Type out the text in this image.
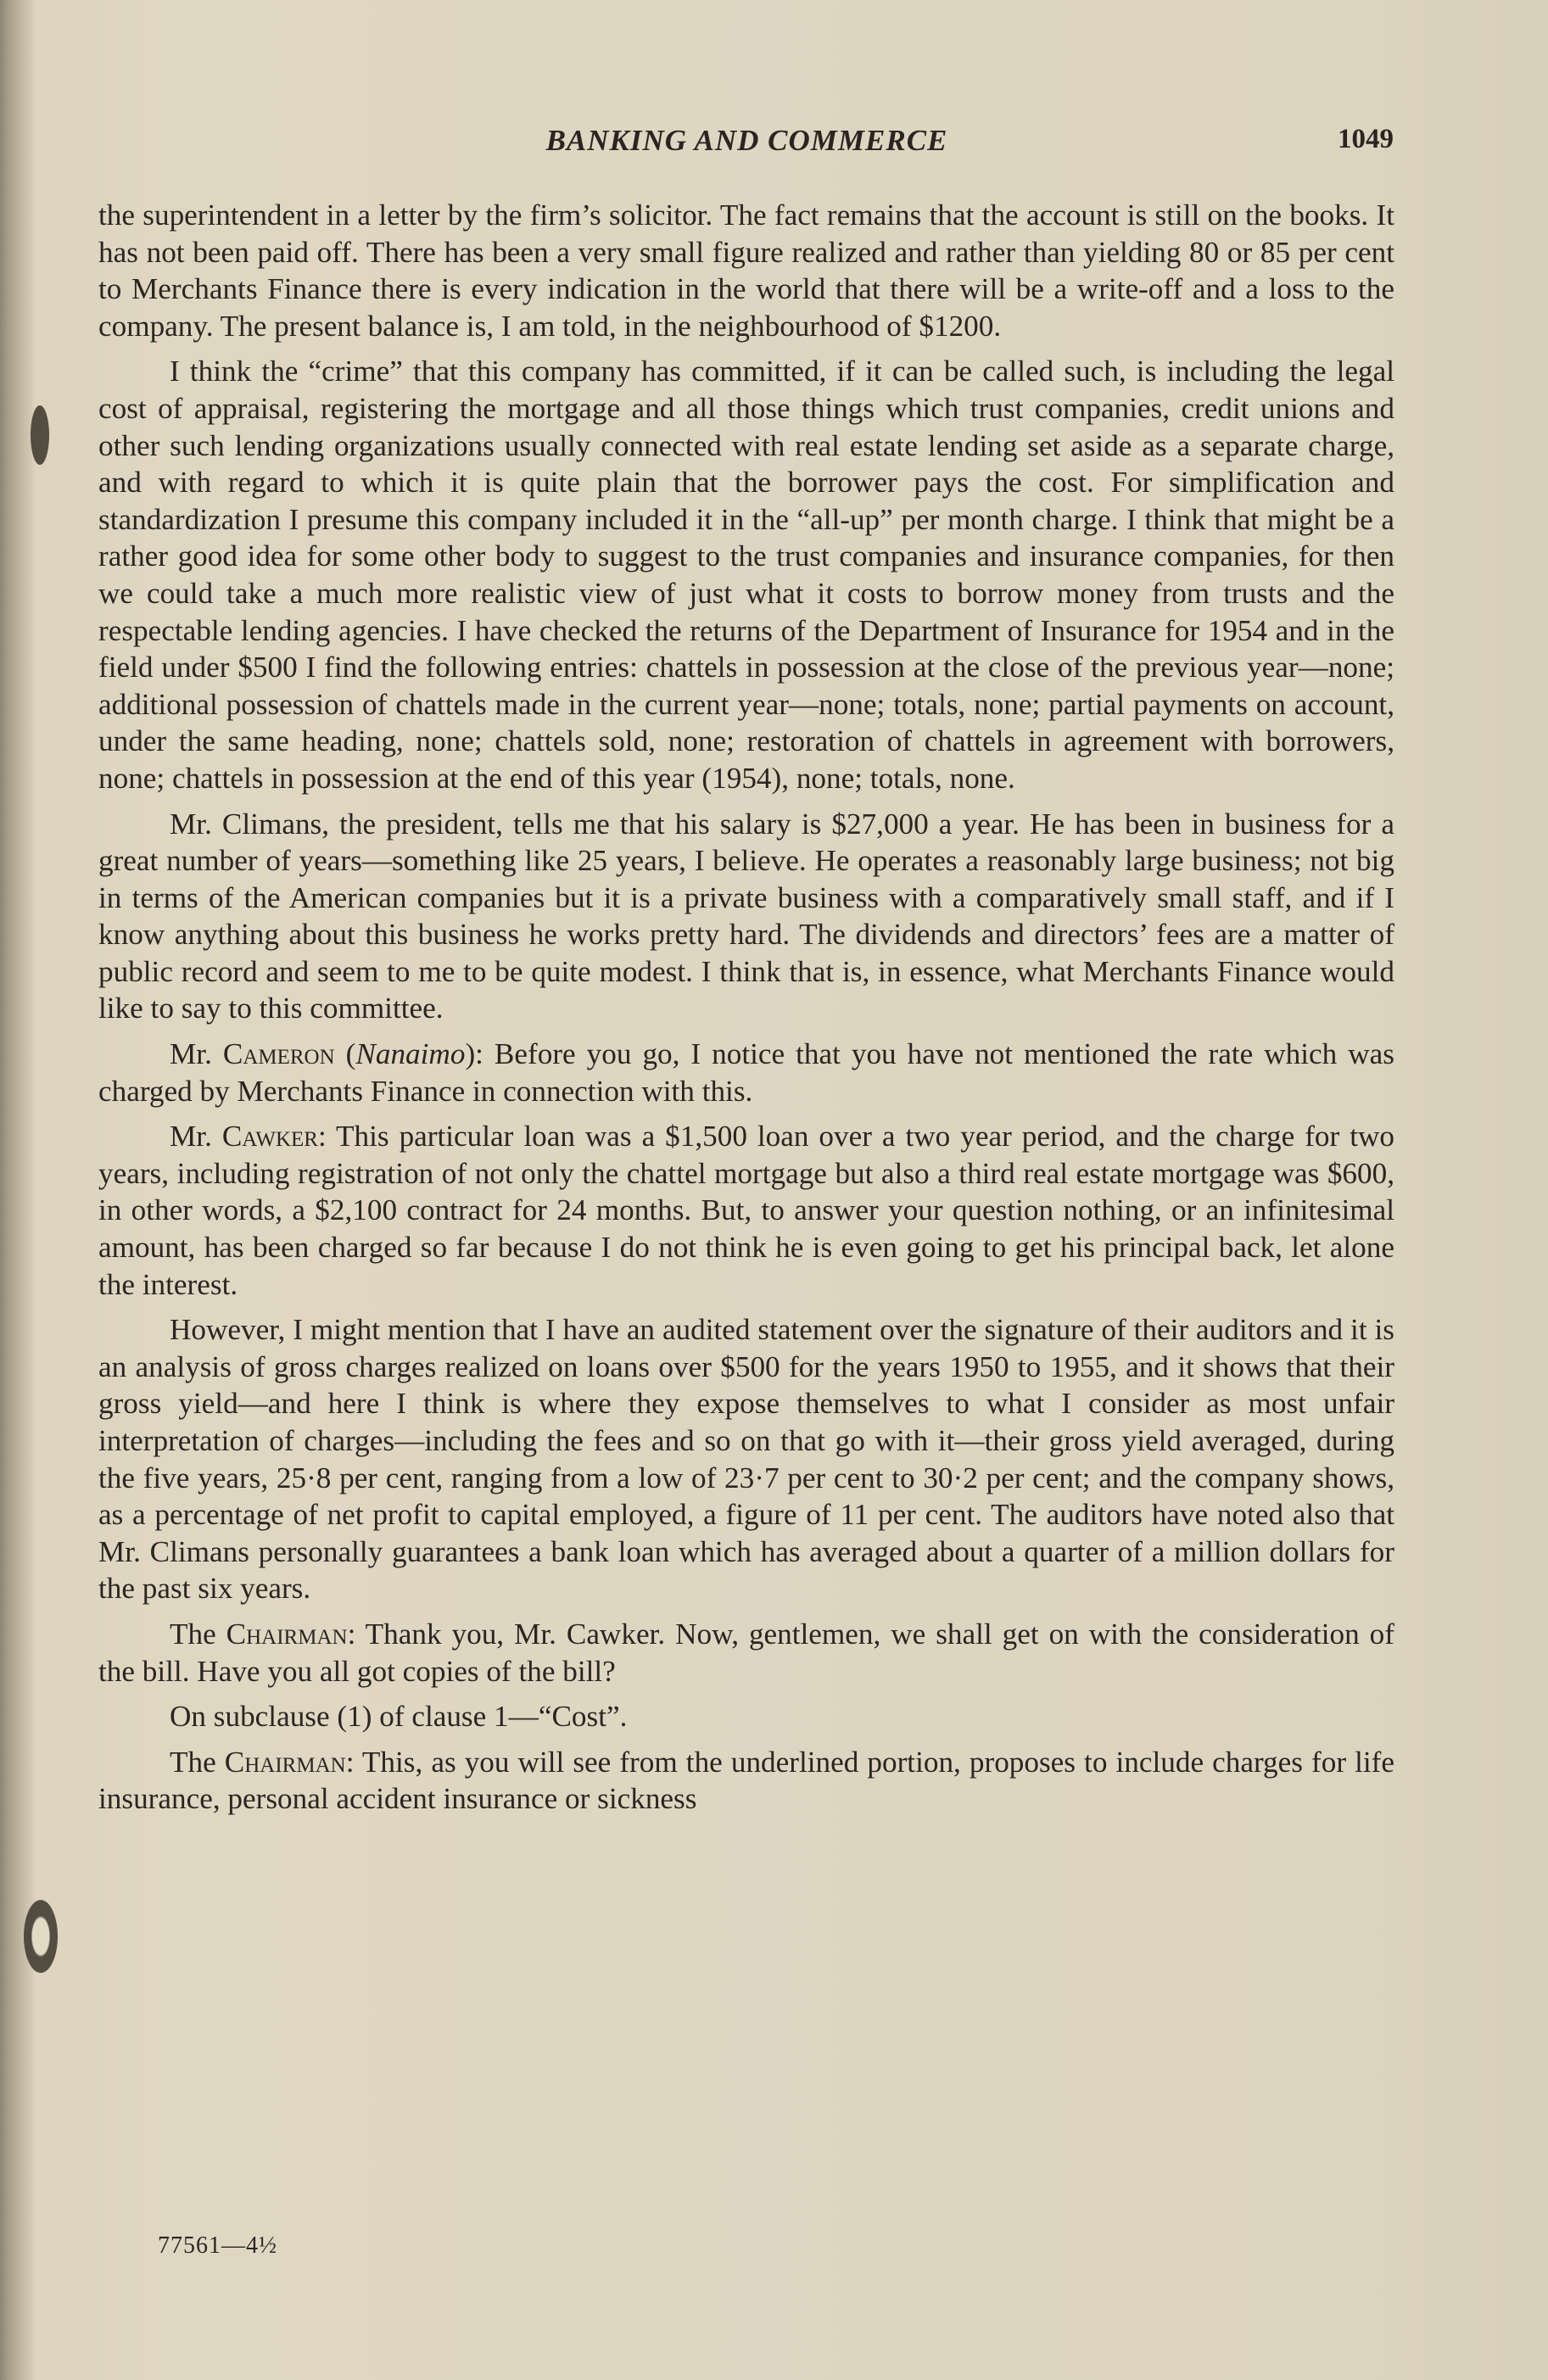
BANKING AND COMMERCE	1049

the superintendent in a letter by the firm’s solicitor. The fact remains that the account is still on the books. It has not been paid off. There has been a very small figure realized and rather than yielding 80 or 85 per cent to Merchants Finance there is every indication in the world that there will be a write-off and a loss to the company. The present balance is, I am told, in the neighbourhood of $1200.

I think the “crime” that this company has committed, if it can be called such, is including the legal cost of appraisal, registering the mortgage and all those things which trust companies, credit unions and other such lending organizations usually connected with real estate lending set aside as a separate charge, and with regard to which it is quite plain that the borrower pays the cost. For simplification and standardization I presume this company included it in the “all-up” per month charge. I think that might be a rather good idea for some other body to suggest to the trust companies and insurance companies, for then we could take a much more realistic view of just what it costs to borrow money from trusts and the respectable lending agencies. I have checked the returns of the Department of Insurance for 1954 and in the field under $500 I find the following entries: chattels in possession at the close of the previous year—none; additional possession of chattels made in the current year—none; totals, none; partial payments on account, under the same heading, none; chattels sold, none; restoration of chattels in agreement with borrowers, none; chattels in possession at the end of this year (1954), none; totals, none.

Mr. Climans, the president, tells me that his salary is $27,000 a year. He has been in business for a great number of years—something like 25 years, I believe. He operates a reasonably large business; not big in terms of the American companies but it is a private business with a comparatively small staff, and if I know anything about this business he works pretty hard. The dividends and directors’ fees are a matter of public record and seem to me to be quite modest. I think that is, in essence, what Merchants Finance would like to say to this committee.

Mr. Cameron (Nanaimo): Before you go, I notice that you have not mentioned the rate which was charged by Merchants Finance in connection with this.

Mr. Cawker: This particular loan was a $1,500 loan over a two year period, and the charge for two years, including registration of not only the chattel mortgage but also a third real estate mortgage was $600, in other words, a $2,100 contract for 24 months. But, to answer your question nothing, or an infinitesimal amount, has been charged so far because I do not think he is even going to get his principal back, let alone the interest.

However, I might mention that I have an audited statement over the signature of their auditors and it is an analysis of gross charges realized on loans over $500 for the years 1950 to 1955, and it shows that their gross yield—and here I think is where they expose themselves to what I consider as most unfair interpretation of charges—including the fees and so on that go with it—their gross yield averaged, during the five years, 25·8 per cent, ranging from a low of 23·7 per cent to 30·2 per cent; and the company shows, as a percentage of net profit to capital employed, a figure of 11 per cent. The auditors have noted also that Mr. Climans personally guarantees a bank loan which has averaged about a quarter of a million dollars for the past six years.

The Chairman: Thank you, Mr. Cawker. Now, gentlemen, we shall get on with the consideration of the bill. Have you all got copies of the bill?

On subclause (1) of clause 1—“Cost”.

The Chairman: This, as you will see from the underlined portion, proposes to include charges for life insurance, personal accident insurance or sickness

77561—4½
